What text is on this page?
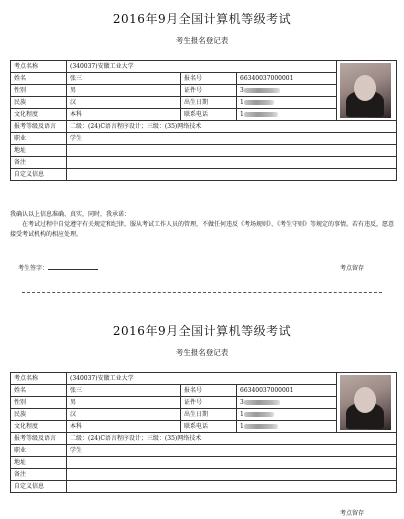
2016年9月全国计算机等级考试
考生报名登记表
考点名称	(340037)安徽工业大学			

姓名	张三	报名号	66340037000001	
性别	男	证件号	3	
民族	汉	出生日期	1	
文化程度	本科	联系电话	1	
报考等级及语言	二级：(24)C语言程序设计；三级：(35)网络技术			
职业	学生			
地址				
备注				
自定义信息				

我确认以上信息准确、真实，同时，我承诺：

在考试过程中自觉遵守有关规定和纪律，服从考试工作人员的管理，不做任何违反《考场规则》、《考生守则》等规定的事情。若有违反，愿意接受考试机构的相应处理。

考生签字：	考点留存
2016年9月全国计算机等级考试
考生报名登记表
考点名称	(340037)安徽工业大学			

姓名	张三	报名号	66340037000001	
性别	男	证件号	3	
民族	汉	出生日期	1	
文化程度	本科	联系电话	1	
报考等级及语言	二级：(24)C语言程序设计；三级：(35)网络技术			
职业	学生			
地址				
备注				
自定义信息				
考点留存
